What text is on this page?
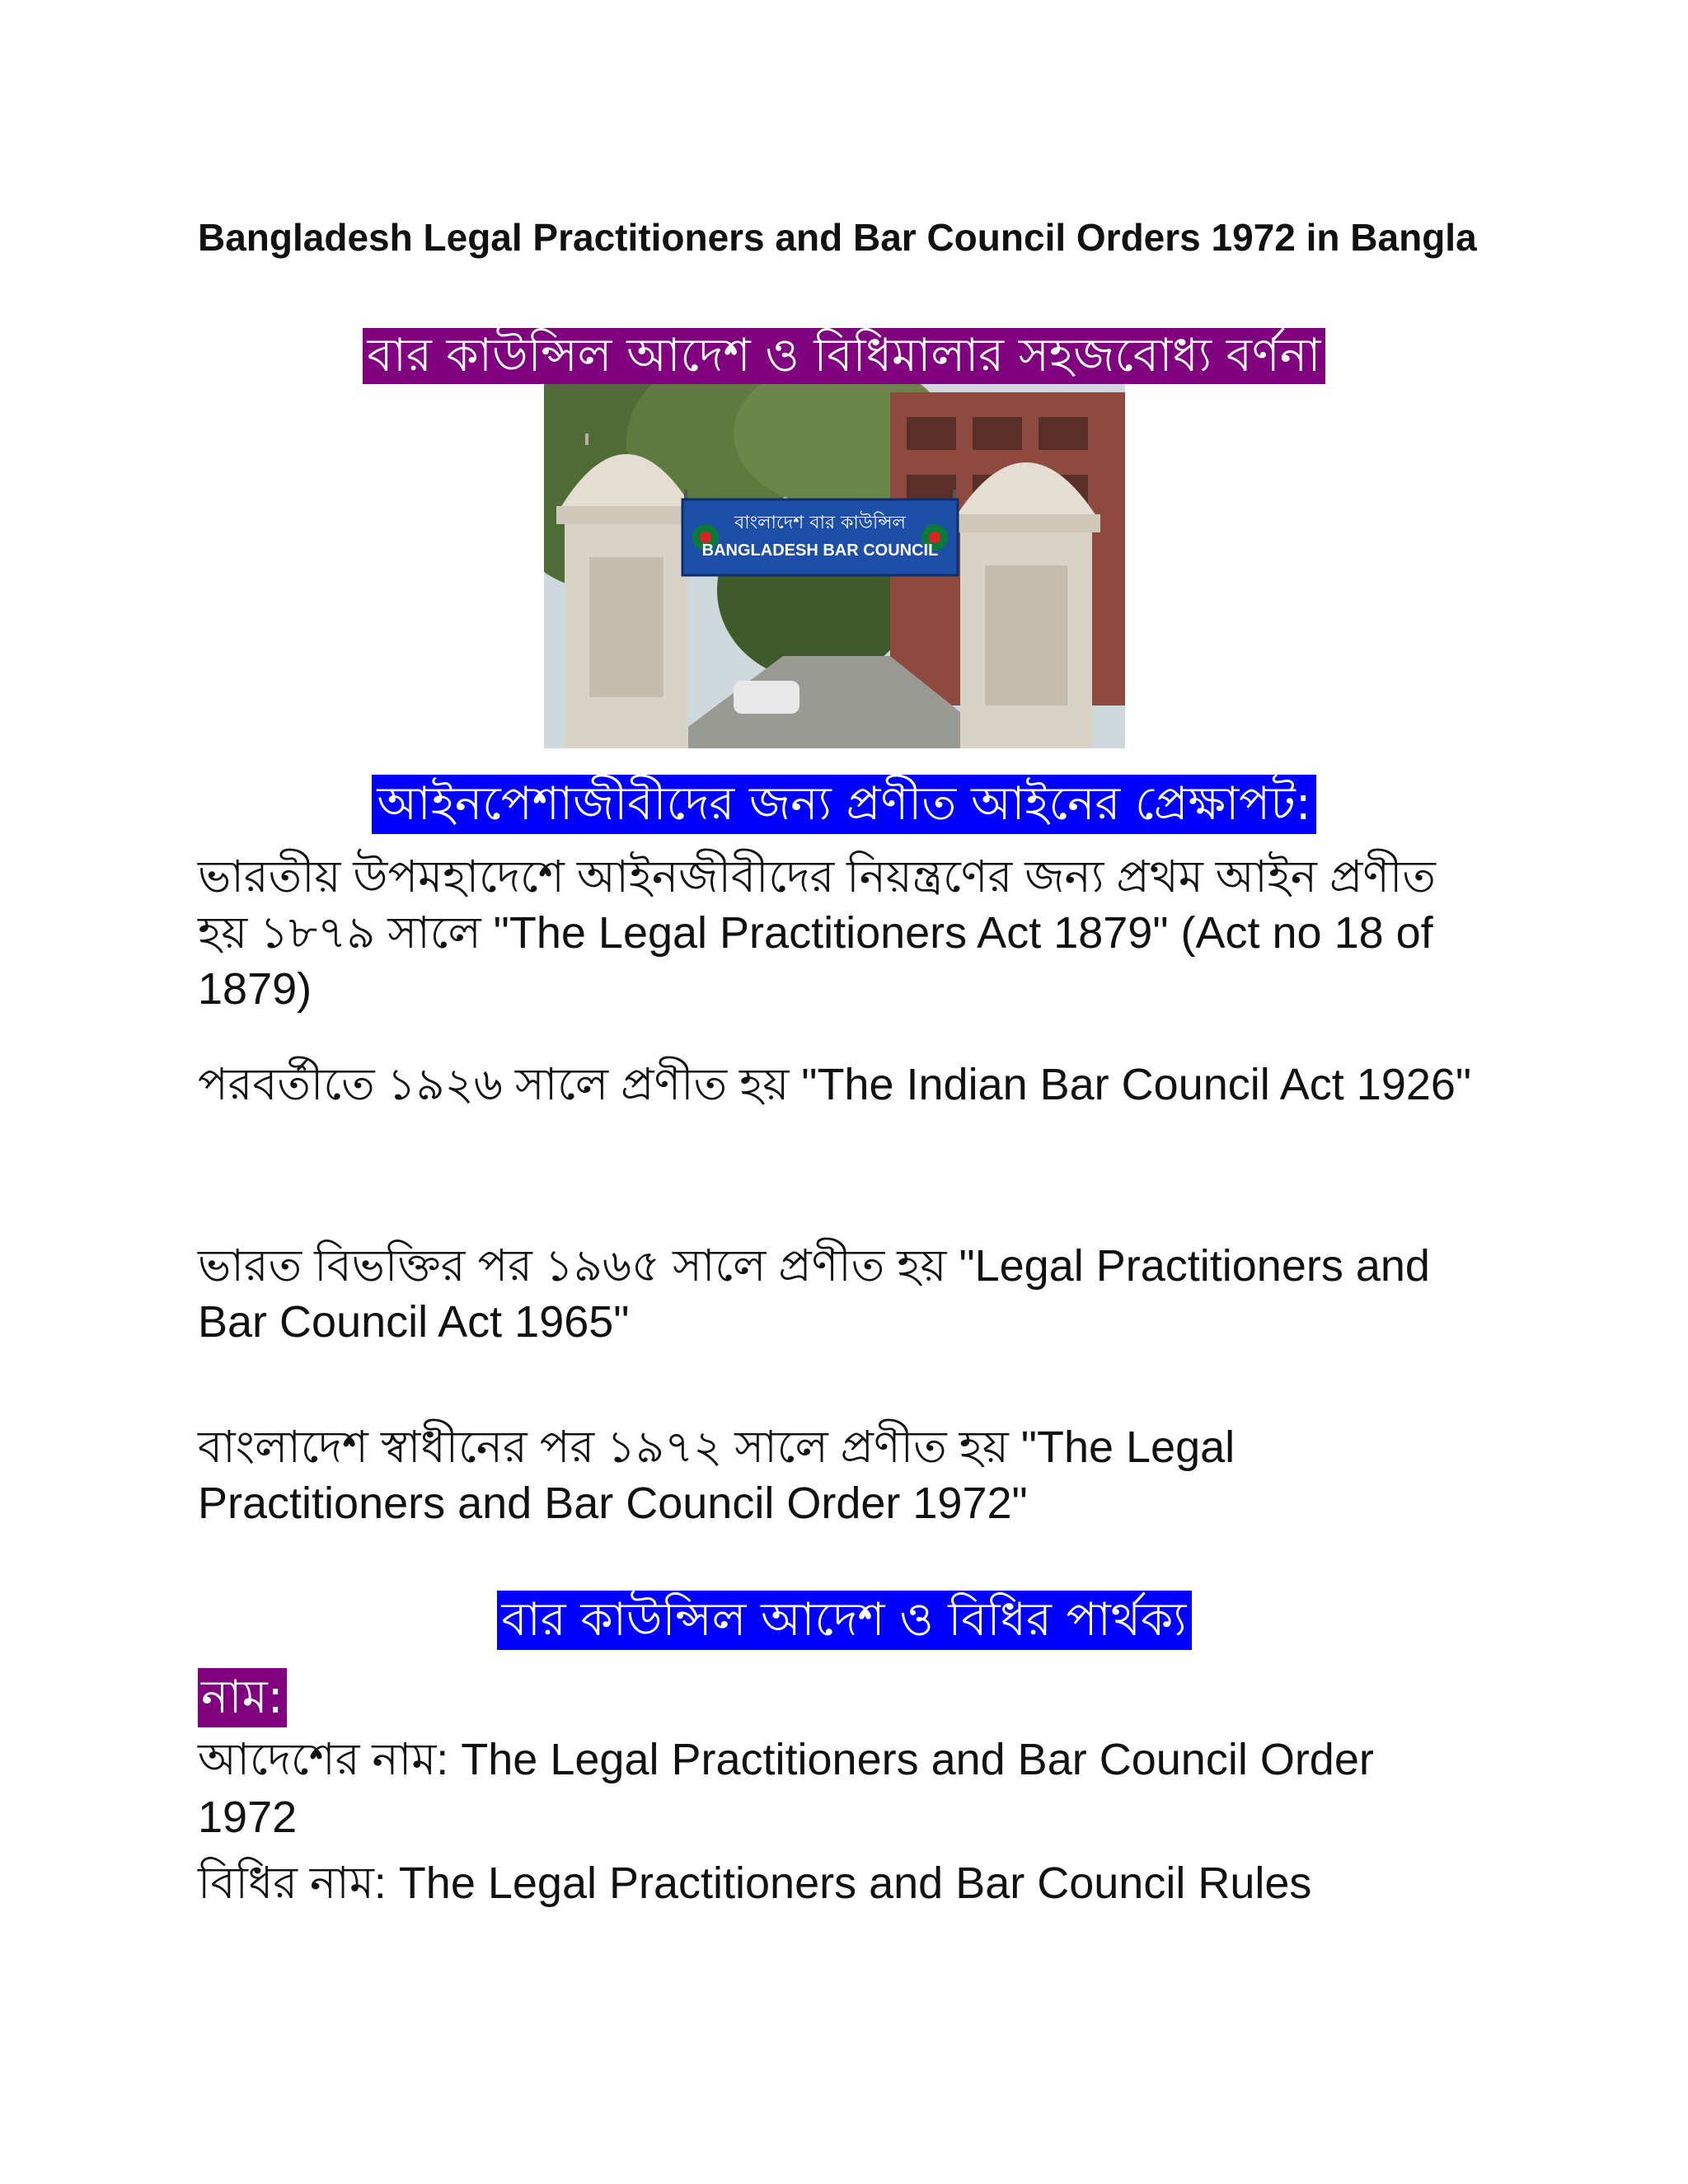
Bangladesh Legal Practitioners and Bar Council Orders 1972 in Bangla
বার কাউন্সিল আদেশ ও বিধিমালার সহজবোধ্য বর্ণনা
বাংলাদেশ বার কাউন্সিল
BANGLADESH BAR COUNCIL
আইনপেশাজীবীদের জন্য প্রণীত আইনের প্রেক্ষাপট:

ভারতীয় উপমহাদেশে আইনজীবীদের নিয়ন্ত্রণের জন্য প্রথম আইন প্রণীত হয় ১৮৭৯ সালে "The Legal Practitioners Act 1879" (Act no 18 of 1879)

পরবর্তীতে ১৯২৬ সালে প্রণীত হয় "The Indian Bar Council Act 1926"

ভারত বিভক্তির পর ১৯৬৫ সালে প্রণীত হয় "Legal Practitioners and Bar Council Act 1965"

বাংলাদেশ স্বাধীনের পর ১৯৭২ সালে প্রণীত হয় "The Legal Practitioners and Bar Council Order 1972"

বার কাউন্সিল আদেশ ও বিধির পার্থক্য
নাম:

আদেশের নাম: The Legal Practitioners and Bar Council Order 1972

বিধির নাম: The Legal Practitioners and Bar Council Rules
